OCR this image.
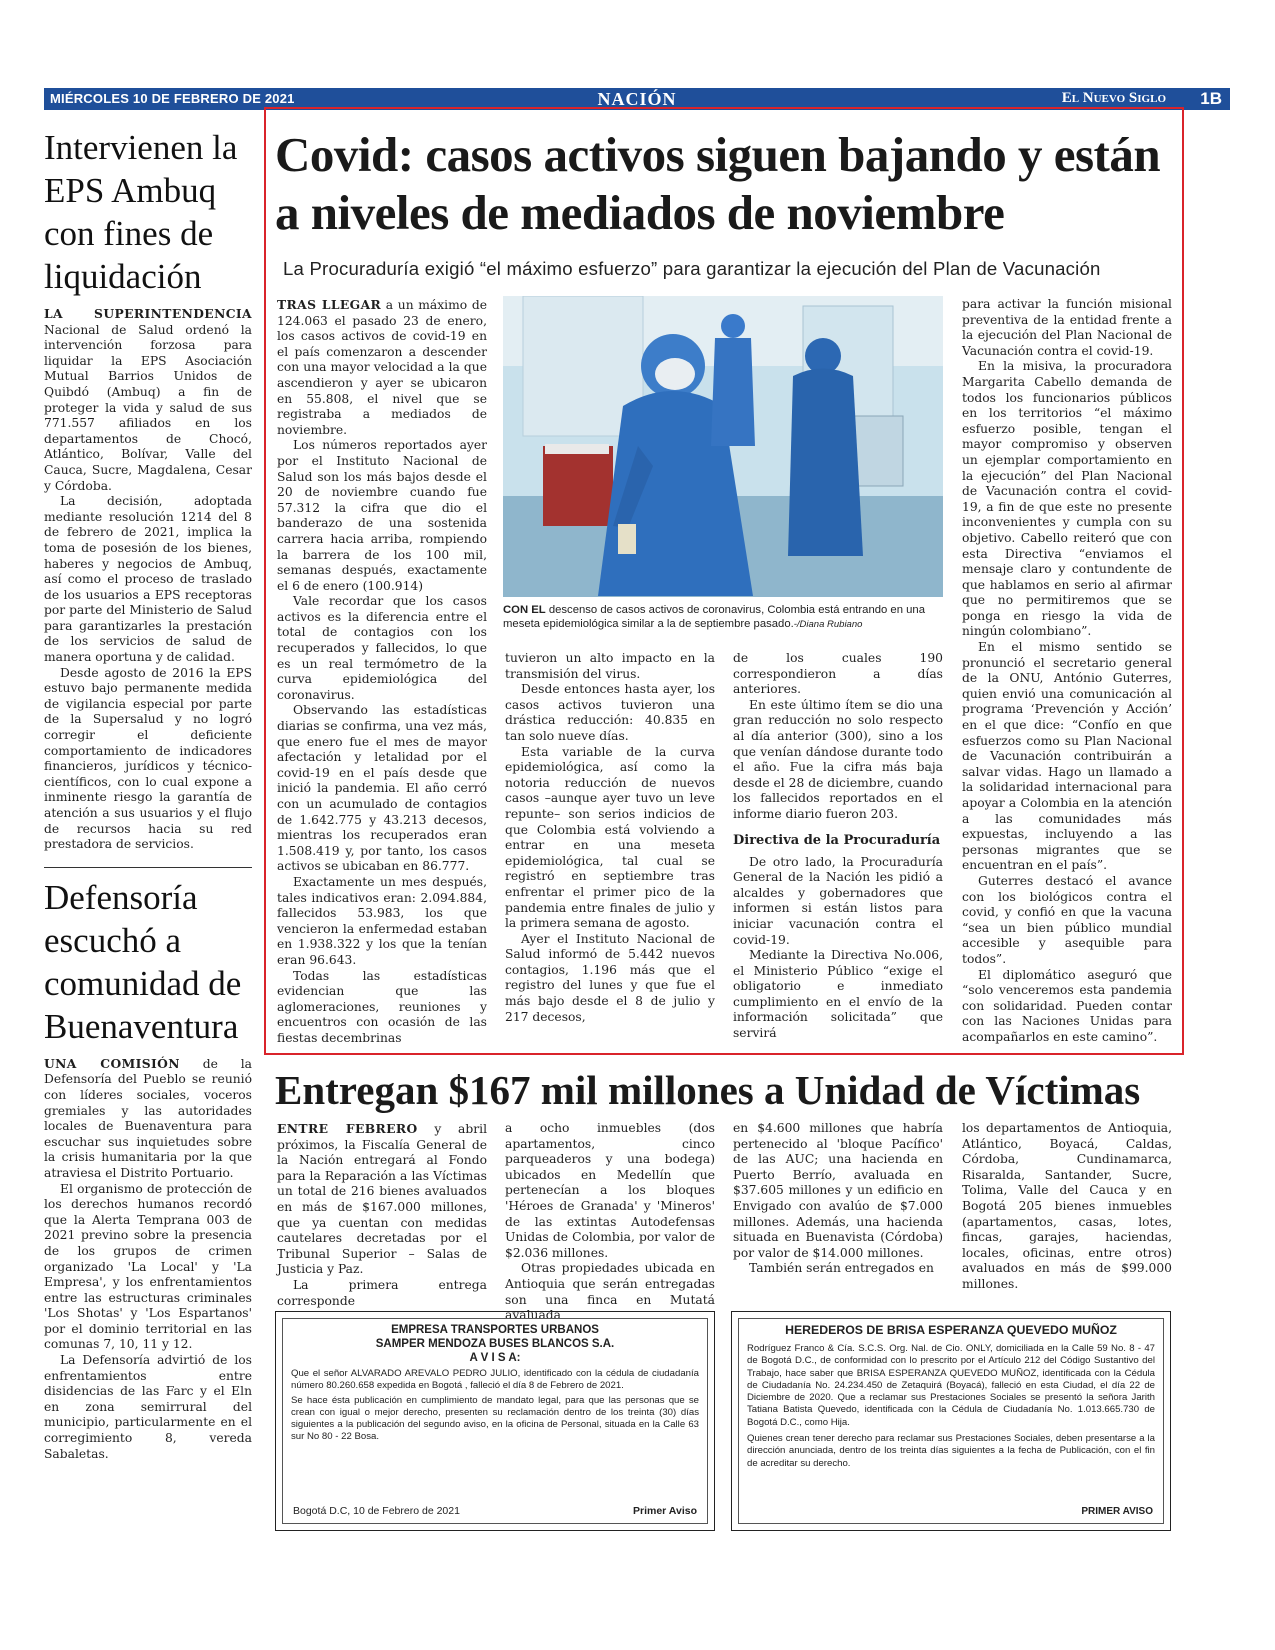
MIÉRCOLES 10 DE FEBRERO DE 2021	NACIÓN	El Nuevo Siglo 1B
Intervienen la EPS Ambuq con fines de liquidación

LA SUPERINTENDENCIA Nacional de Salud ordenó la intervención forzosa para liquidar la EPS Asociación Mutual Barrios Unidos de Quibdó (Ambuq) a fin de proteger la vida y salud de sus 771.557 afiliados en los departamentos de Chocó, Atlántico, Bolívar, Valle del Cauca, Sucre, Magdalena, Cesar y Córdoba.

La decisión, adoptada mediante resolución 1214 del 8 de febrero de 2021, implica la toma de posesión de los bienes, haberes y negocios de Ambuq, así como el proceso de traslado de los usuarios a EPS receptoras por parte del Ministerio de Salud para garantizarles la prestación de los servicios de salud de manera oportuna y de calidad.

Desde agosto de 2016 la EPS estuvo bajo permanente medida de vigilancia especial por parte de la Supersalud y no logró corregir el deficiente comportamiento de indicadores financieros, jurídicos y técnico-científicos, con lo cual expone a inminente riesgo la garantía de atención a sus usuarios y el flujo de recursos hacia su red prestadora de servicios.

Defensoría escuchó a comunidad de Buenaventura

UNA COMISIÓN de la Defensoría del Pueblo se reunió con líderes sociales, voceros gremiales y las autoridades locales de Buenaventura para escuchar sus inquietudes sobre la crisis humanitaria por la que atraviesa el Distrito Portuario.

El organismo de protección de los derechos humanos recordó que la Alerta Temprana 003 de 2021 previno sobre la presencia de los grupos de crimen organizado 'La Local' y 'La Empresa', y los enfrentamientos entre las estructuras criminales 'Los Shotas' y 'Los Espartanos' por el dominio territorial en las comunas 7, 10, 11 y 12.

La Defensoría advirtió de los enfrentamientos entre disidencias de las Farc y el Eln en zona semirrural del municipio, particularmente en el corregimiento 8, vereda Sabaletas.

Covid: casos activos siguen bajando y están a niveles de mediados de noviembre
La Procuraduría exigió “el máximo esfuerzo” para garantizar la ejecución del Plan de Vacunación

TRAS LLEGAR a un máximo de 124.063 el pasado 23 de enero, los casos activos de covid-19 en el país comenzaron a descender con una mayor velocidad a la que ascendieron y ayer se ubicaron en 55.808, el nivel que se registraba a mediados de noviembre.

Los números reportados ayer por el Instituto Nacional de Salud son los más bajos desde el 20 de noviembre cuando fue 57.312 la cifra que dio el banderazo de una sostenida carrera hacia arriba, rompiendo la barrera de los 100 mil, semanas después, exactamente el 6 de enero (100.914)

Vale recordar que los casos activos es la diferencia entre el total de contagios con los recuperados y fallecidos, lo que es un real termómetro de la curva epidemiológica del coronavirus.

Observando las estadísticas diarias se confirma, una vez más, que enero fue el mes de mayor afectación y letalidad por el covid-19 en el país desde que inició la pandemia. El año cerró con un acumulado de contagios de 1.642.775 y 43.213 decesos, mientras los recuperados eran 1.508.419 y, por tanto, los casos activos se ubicaban en 86.777.

Exactamente un mes después, tales indicativos eran: 2.094.884, fallecidos 53.983, los que vencieron la enfermedad estaban en 1.938.322 y los que la tenían eran 96.643.

Todas las estadísticas evidencian que las aglomeraciones, reuniones y encuentros con ocasión de las fiestas decembrinas

CON EL descenso de casos activos de coronavirus, Colombia está entrando en una meseta epidemiológica similar a la de septiembre pasado.-/Diana Rubiano

tuvieron un alto impacto en la transmisión del virus.

Desde entonces hasta ayer, los casos activos tuvieron una drástica reducción: 40.835 en tan solo nueve días.

Esta variable de la curva epidemiológica, así como la notoria reducción de nuevos casos –aunque ayer tuvo un leve repunte– son serios indicios de que Colombia está volviendo a entrar en una meseta epidemiológica, tal cual se registró en septiembre tras enfrentar el primer pico de la pandemia entre finales de julio y la primera semana de agosto.

Ayer el Instituto Nacional de Salud informó de 5.442 nuevos contagios, 1.196 más que el registro del lunes y que fue el más bajo desde el 8 de julio y 217 decesos,

de los cuales 190 correspondieron a días anteriores.

En este último ítem se dio una gran reducción no solo respecto al día anterior (300), sino a los que venían dándose durante todo el año. Fue la cifra más baja desde el 28 de diciembre, cuando los fallecidos reportados en el informe diario fueron 203.

Directiva de la Procuraduría

De otro lado, la Procuraduría General de la Nación les pidió a alcaldes y gobernadores que informen si están listos para iniciar vacunación contra el covid-19.

Mediante la Directiva No.006, el Ministerio Público “exige el obligatorio e inmediato cumplimiento en el envío de la información solicitada” que servirá

para activar la función misional preventiva de la entidad frente a la ejecución del Plan Nacional de Vacunación contra el covid-19.

En la misiva, la procuradora Margarita Cabello demanda de todos los funcionarios públicos en los territorios “el máximo esfuerzo posible, tengan el mayor compromiso y observen un ejemplar comportamiento en la ejecución” del Plan Nacional de Vacunación contra el covid-19, a fin de que este no presente inconvenientes y cumpla con su objetivo. Cabello reiteró que con esta Directiva “enviamos el mensaje claro y contundente de que hablamos en serio al afirmar que no permitiremos que se ponga en riesgo la vida de ningún colombiano”.

En el mismo sentido se pronunció el secretario general de la ONU, António Guterres, quien envió una comunicación al programa ‘Prevención y Acción’ en el que dice: “Confío en que esfuerzos como su Plan Nacional de Vacunación contribuirán a salvar vidas. Hago un llamado a la solidaridad internacional para apoyar a Colombia en la atención a las comunidades más expuestas, incluyendo a las personas migrantes que se encuentran en el país”.

Guterres destacó el avance con los biológicos contra el covid, y confió en que la vacuna “sea un bien público mundial accesible y asequible para todos”.

El diplomático aseguró que “solo venceremos esta pandemia con solidaridad. Pueden contar con las Naciones Unidas para acompañarlos en este camino”.

Entregan $167 mil millones a Unidad de Víctimas

ENTRE FEBRERO y abril próximos, la Fiscalía General de la Nación entregará al Fondo para la Reparación a las Víctimas un total de 216 bienes avaluados en más de $167.000 millones, que ya cuentan con medidas cautelares decretadas por el Tribunal Superior – Salas de Justicia y Paz.

La primera entrega corresponde

a ocho inmuebles (dos apartamentos, cinco parqueaderos y una bodega) ubicados en Medellín que pertenecían a los bloques 'Héroes de Granada' y 'Mineros' de las extintas Autodefensas Unidas de Colombia, por valor de $2.036 millones.

Otras propiedades ubicada en Antioquia que serán entregadas son una finca en Mutatá avaluada

en $4.600 millones que habría pertenecido al 'bloque Pacífico' de las AUC; una hacienda en Puerto Berrío, avaluada en $37.605 millones y un edificio en Envigado con avalúo de $7.000 millones. Además, una hacienda situada en Buenavista (Córdoba) por valor de $14.000 millones.

También serán entregados en

los departamentos de Antioquia, Atlántico, Boyacá, Caldas, Córdoba, Cundinamarca, Risaralda, Santander, Sucre, Tolima, Valle del Cauca y en Bogotá 205 bienes inmuebles (apartamentos, casas, lotes, fincas, garajes, haciendas, locales, oficinas, entre otros) avaluados en más de $99.000 millones.

EMPRESA TRANSPORTES URBANOS
SAMPER MENDOZA BUSES BLANCOS S.A.
A V I S A:
Que el señor ALVARADO AREVALO PEDRO JULIO, identificado con la cédula de ciudadanía número 80.260.658 expedida en Bogotá , falleció el día 8 de Febrero de 2021.
Se hace ésta publicación en cumplimiento de mandato legal, para que las personas que se crean con igual o mejor derecho, presenten su reclamación dentro de los treinta (30) días siguientes a la publicación del segundo aviso, en la oficina de Personal, situada en la Calle 63 sur No 80 - 22 Bosa.
Bogotá D.C, 10 de Febrero de 2021	Primer Aviso
HEREDEROS DE BRISA ESPERANZA QUEVEDO MUÑOZ
Rodríguez Franco & Cía. S.C.S. Org. Nal. de Cio. ONLY, domiciliada en la Calle 59 No. 8 - 47 de Bogotá D.C., de conformidad con lo prescrito por el Artículo 212 del Código Sustantivo del Trabajo, hace saber que BRISA ESPERANZA QUEVEDO MUÑOZ, identificada con la Cédula de Ciudadanía No. 24.234.450 de Zetaquirá (Boyacá), falleció en esta Ciudad, el día 22 de Diciembre de 2020. Que a reclamar sus Prestaciones Sociales se presentó la señora Jarith Tatiana Batista Quevedo, identificada con la Cédula de Ciudadanía No. 1.013.665.730 de Bogotá D.C., como Hija.
Quienes crean tener derecho para reclamar sus Prestaciones Sociales, deben presentarse a la dirección anunciada, dentro de los treinta días siguientes a la fecha de Publicación, con el fin de acreditar su derecho.
PRIMER AVISO
